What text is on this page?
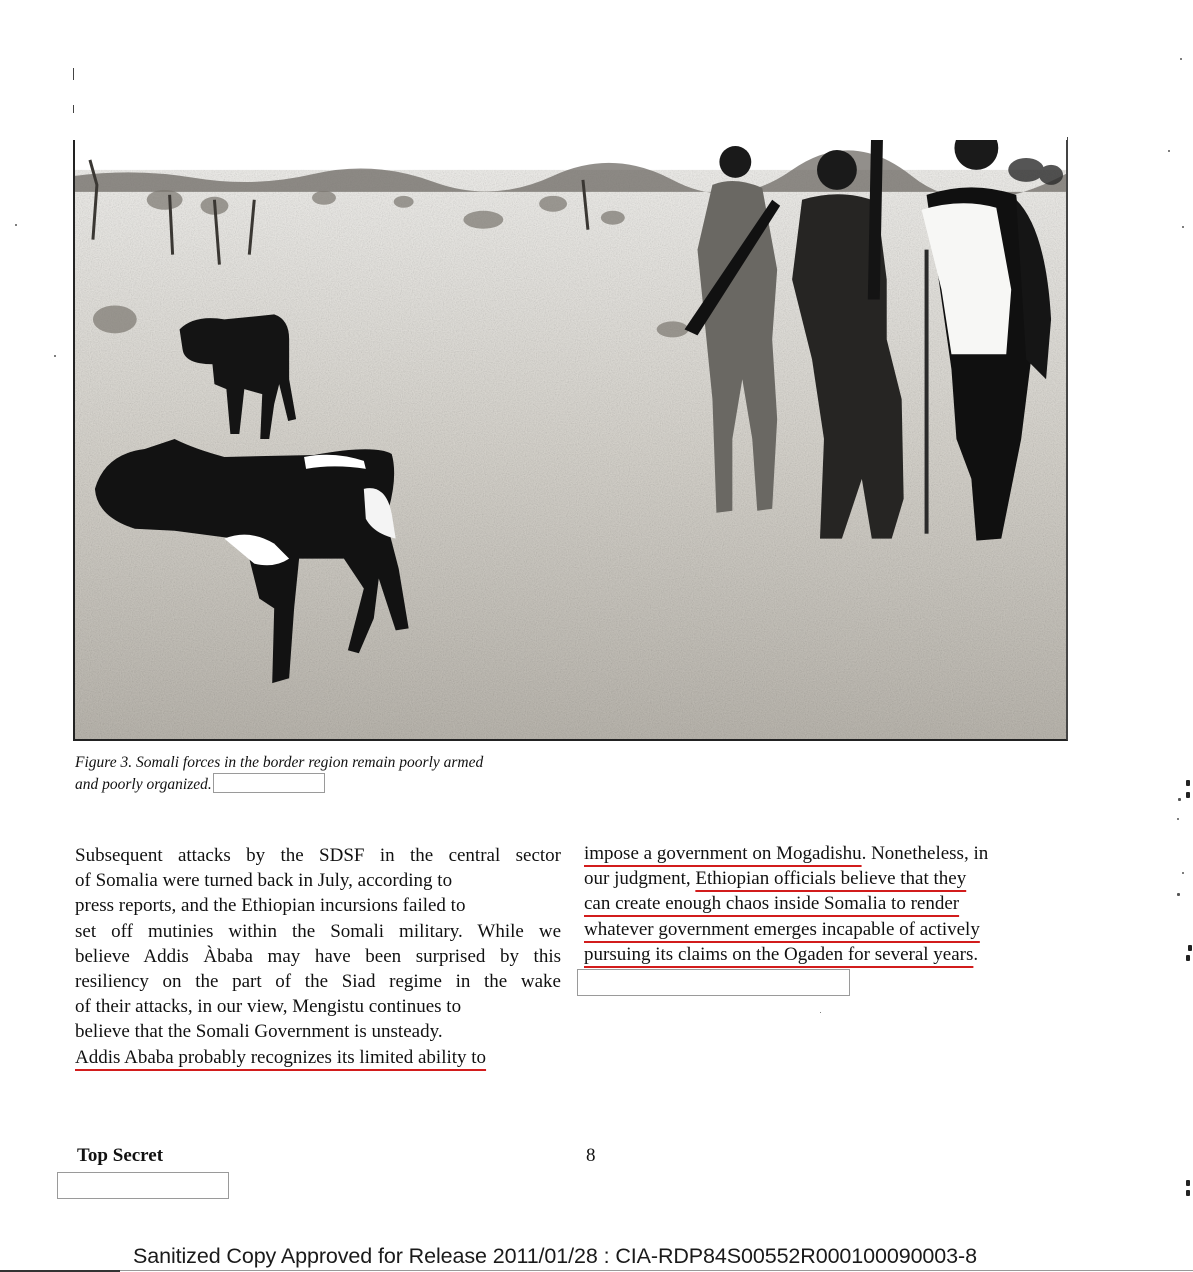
Figure 3. Somali forces in the border region remain poorly armed
and poorly organized.
Subsequent attacks by the SDSF in the central sector
of Somalia were turned back in July, according to
press reports, and the Ethiopian incursions failed to
set off mutinies within the Somali military. While we
believe Addis Àbaba may have been surprised by this
resiliency on the part of the Siad regime in the wake
of their attacks, in our view, Mengistu continues to
believe that the Somali Government is unsteady.
Addis Ababa probably recognizes its limited ability to
impose a government on Mogadishu. Nonetheless, in
our judgment, Ethiopian officials believe that they
can create enough chaos inside Somalia to render
whatever government emerges incapable of actively
pursuing its claims on the Ogaden for several years.
Top Secret	8
Sanitized Copy Approved for Release 2011/01/28 : CIA-RDP84S00552R000100090003-8
